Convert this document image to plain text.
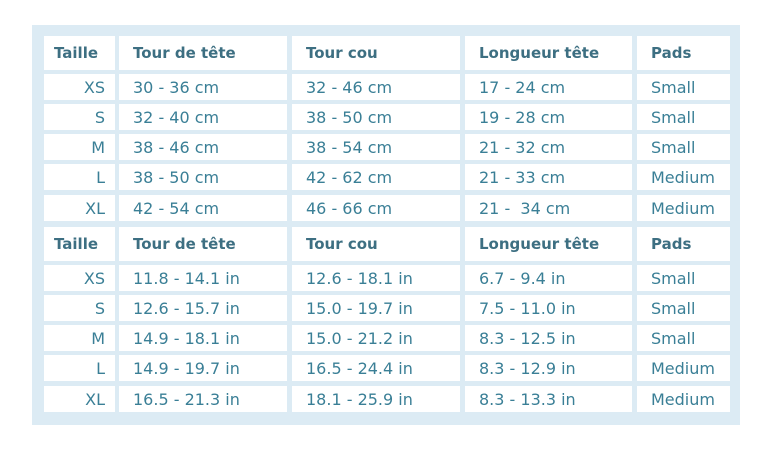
Taille	Tour de tête	Tour cou	Longueur tête	Pads
XS	30 - 36 cm	32 - 46 cm	17 - 24 cm	Small
S	32 - 40 cm	38 - 50 cm	19 - 28 cm	Small
M	38 - 46 cm	38 - 54 cm	21 - 32 cm	Small
L	38 - 50 cm	42 - 62 cm	21 - 33 cm	Medium
XL	42 - 54 cm	46 - 66 cm	21 -  34 cm	Medium
Taille	Tour de tête	Tour cou	Longueur tête	Pads
XS	11.8 - 14.1 in	12.6 - 18.1 in	6.7 - 9.4 in	Small
S	12.6 - 15.7 in	15.0 - 19.7 in	7.5 - 11.0 in	Small
M	14.9 - 18.1 in	15.0 - 21.2 in	8.3 - 12.5 in	Small
L	14.9 - 19.7 in	16.5 - 24.4 in	8.3 - 12.9 in	Medium
XL	16.5 - 21.3 in	18.1 - 25.9 in	8.3 - 13.3 in	Medium
